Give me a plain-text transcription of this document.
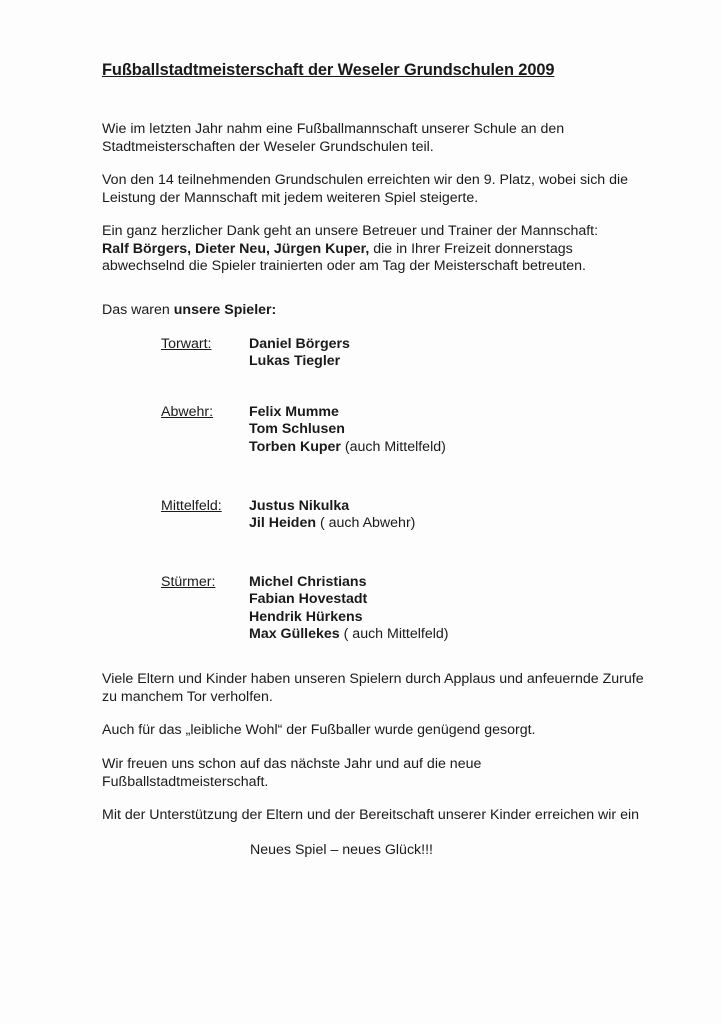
Fußballstadtmeisterschaft der Weseler Grundschulen 2009

Wie im letzten Jahr nahm eine Fußballmannschaft unserer Schule an den
Stadtmeisterschaften der Weseler Grundschulen teil.

Von den 14 teilnehmenden Grundschulen erreichten wir den 9. Platz, wobei sich die
Leistung der Mannschaft mit jedem weiteren Spiel steigerte.

Ein ganz herzlicher Dank geht an unsere Betreuer und Trainer der Mannschaft:
Ralf Börgers, Dieter Neu, Jürgen Kuper, die in Ihrer Freizeit donnerstags
abwechselnd die Spieler trainierten oder am Tag der Meisterschaft betreuten.

Das waren unsere Spieler:

Torwart:	Daniel Börgers
Lukas Tiegler
Abwehr:	Felix Mumme
Tom Schlusen
Torben Kuper (auch Mittelfeld)
Mittelfeld: Justus Nikulka
Jil Heiden ( auch Abwehr)
Stürmer: Michel Christians
Fabian Hovestadt
Hendrik Hürkens
Max Güllekes ( auch Mittelfeld)

Viele Eltern und Kinder haben unseren Spielern durch Applaus und anfeuernde Zurufe
zu manchem Tor verholfen.

Auch für das „leibliche Wohl“ der Fußballer wurde genügend gesorgt.

Wir freuen uns schon auf das nächste Jahr und auf die neue
Fußballstadtmeisterschaft.

Mit der Unterstützung der Eltern und der Bereitschaft unserer Kinder erreichen wir ein

Neues Spiel – neues Glück!!!
